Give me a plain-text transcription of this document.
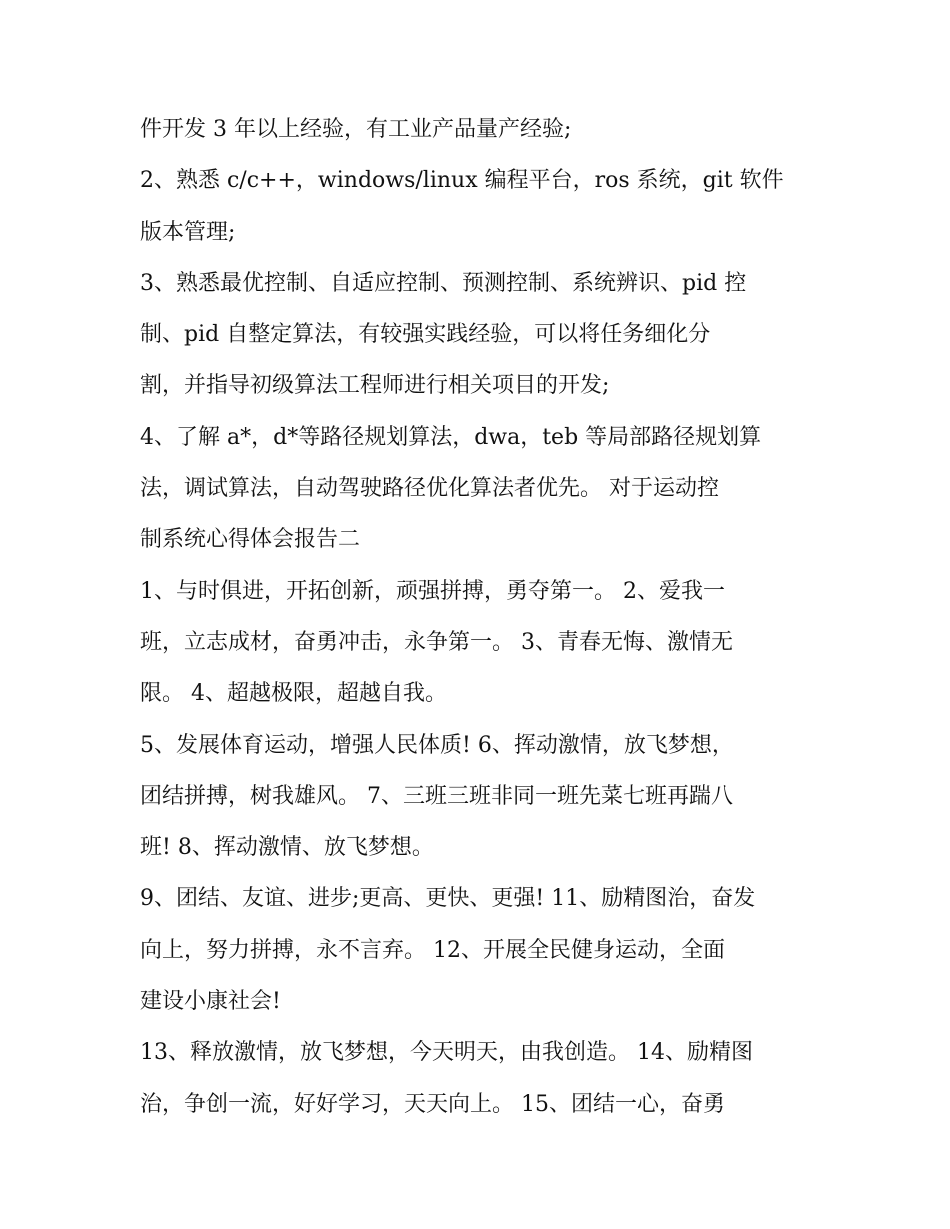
件开发 3 年以上经验，有工业产品量产经验;
2、熟悉 c/c++，windows/linux 编程平台，ros 系统，git 软件
版本管理;
3、熟悉最优控制、自适应控制、预测控制、系统辨识、pid 控
制、pid 自整定算法，有较强实践经验，可以将任务细化分
割，并指导初级算法工程师进行相关项目的开发;
4、了解 a*，d*等路径规划算法，dwa，teb 等局部路径规划算
法，调试算法，自动驾驶路径优化算法者优先。 对于运动控
制系统心得体会报告二
1、与时俱进，开拓创新，顽强拼搏，勇夺第一。 2、爱我一
班，立志成材，奋勇冲击，永争第一。 3、青春无悔、激情无
限。 4、超越极限，超越自我。
5、发展体育运动，增强人民体质! 6、挥动激情，放飞梦想，
团结拼搏，树我雄风。 7、三班三班非同一班先菜七班再踹八
班! 8、挥动激情、放飞梦想。
9、团结、友谊、进步;更高、更快、更强! 11、励精图治，奋发
向上，努力拼搏，永不言弃。 12、开展全民健身运动，全面
建设小康社会!
13、释放激情，放飞梦想，今天明天，由我创造。 14、励精图
治，争创一流，好好学习，天天向上。 15、团结一心，奋勇
